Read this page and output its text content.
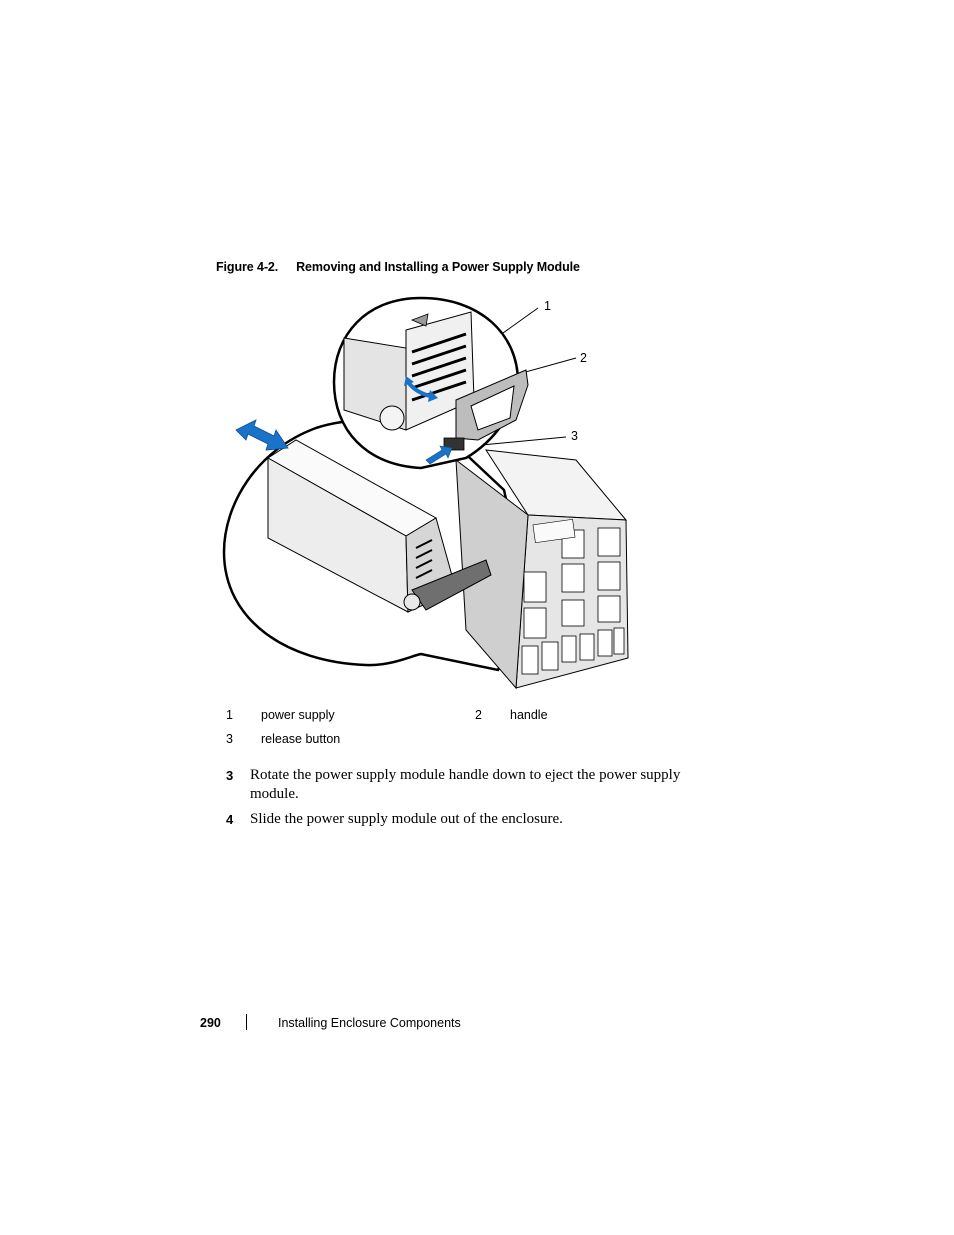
Figure 4-2. Removing and Installing a Power Supply Module
1
2
3
1 power supply	2 handle
3 release button
3 Rotate the power supply module handle down to eject the power supply module.
4 Slide the power supply module out of the enclosure.
290	Installing Enclosure Components
